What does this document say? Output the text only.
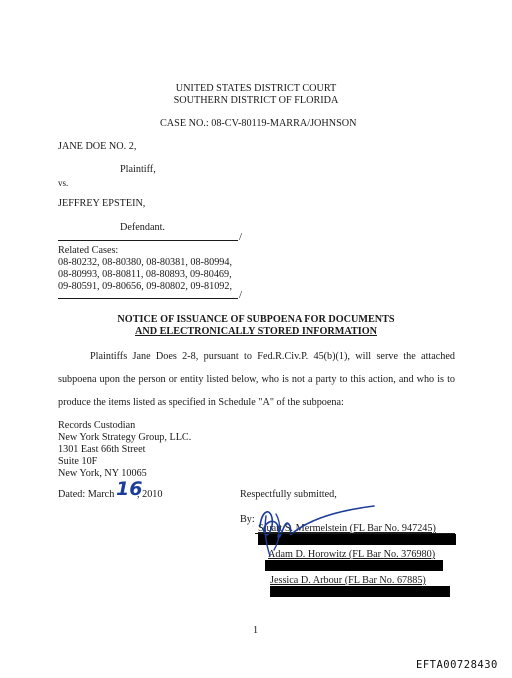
UNITED STATES DISTRICT COURT
SOUTHERN DISTRICT OF FLORIDA
CASE NO.: 08-CV-80119-MARRA/JOHNSON
JANE DOE NO. 2,
Plaintiff,
vs.
JEFFREY EPSTEIN,
Defendant.
/
Related Cases:
08-80232, 08-80380, 08-80381, 08-80994,
08-80993, 08-80811, 08-80893, 09-80469,
09-80591, 09-80656, 09-80802, 09-81092,
/
NOTICE OF ISSUANCE OF SUBPOENA FOR DOCUMENTS
AND ELECTRONICALLY STORED INFORMATION
Plaintiffs Jane Does 2-8, pursuant to Fed.R.Civ.P. 45(b)(1), will serve the attached
subpoena upon the person or entity listed below, who is not a party to this action, and who is to
produce the items listed as specified in Schedule "A" of the subpoena:
Records Custodian
New York Strategy Group, LLC.
1301 East 66th Street
Suite 10F
New York, NY 10065
Dated: March 16
, 2010	Respectfully submitted,
By:
Stuart S. Mermelstein (FL Bar No. 947245)
Adam D. Horowitz (FL Bar No. 376980)
Jessica D. Arbour (FL Bar No. 67885)
1
EFTA00728430
